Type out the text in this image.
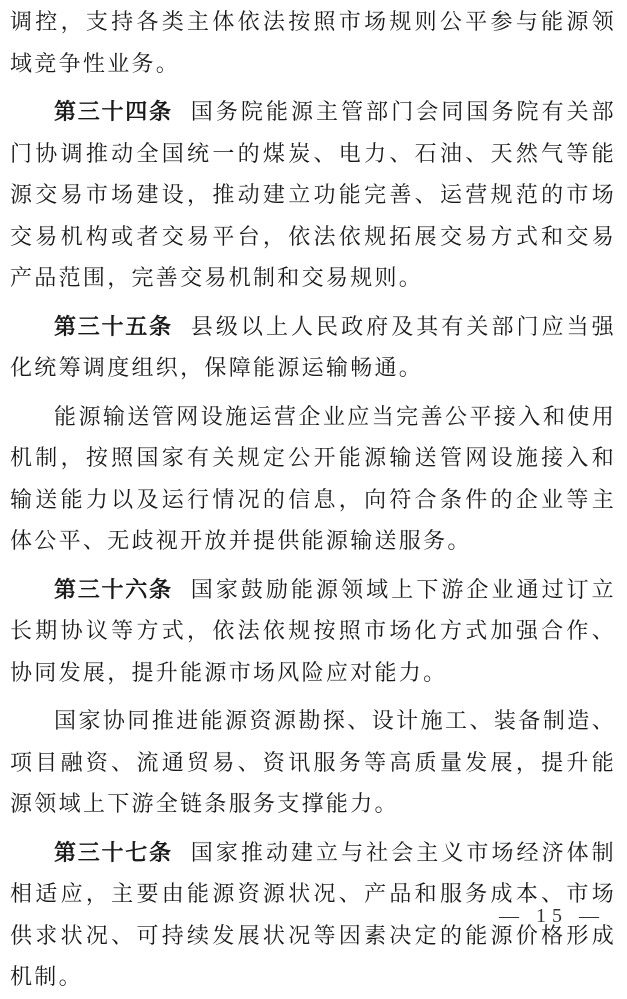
调控，支持各类主体依法按照市场规则公平参与能源领域竞争性业务。

第三十四条 国务院能源主管部门会同国务院有关部门协调推动全国统一的煤炭、电力、石油、天然气等能源交易市场建设，推动建立功能完善、运营规范的市场交易机构或者交易平台，依法依规拓展交易方式和交易产品范围，完善交易机制和交易规则。

第三十五条 县级以上人民政府及其有关部门应当强化统筹调度组织，保障能源运输畅通。

能源输送管网设施运营企业应当完善公平接入和使用机制，按照国家有关规定公开能源输送管网设施接入和输送能力以及运行情况的信息，向符合条件的企业等主体公平、无歧视开放并提供能源输送服务。

第三十六条 国家鼓励能源领域上下游企业通过订立长期协议等方式，依法依规按照市场化方式加强合作、协同发展，提升能源市场风险应对能力。

国家协同推进能源资源勘探、设计施工、装备制造、项目融资、流通贸易、资讯服务等高质量发展，提升能源领域上下游全链条服务支撑能力。

第三十七条 国家推动建立与社会主义市场经济体制相适应，主要由能源资源状况、产品和服务成本、市场供求状况、可持续发展状况等因素决定的能源价格形成机制。

— 15 —
